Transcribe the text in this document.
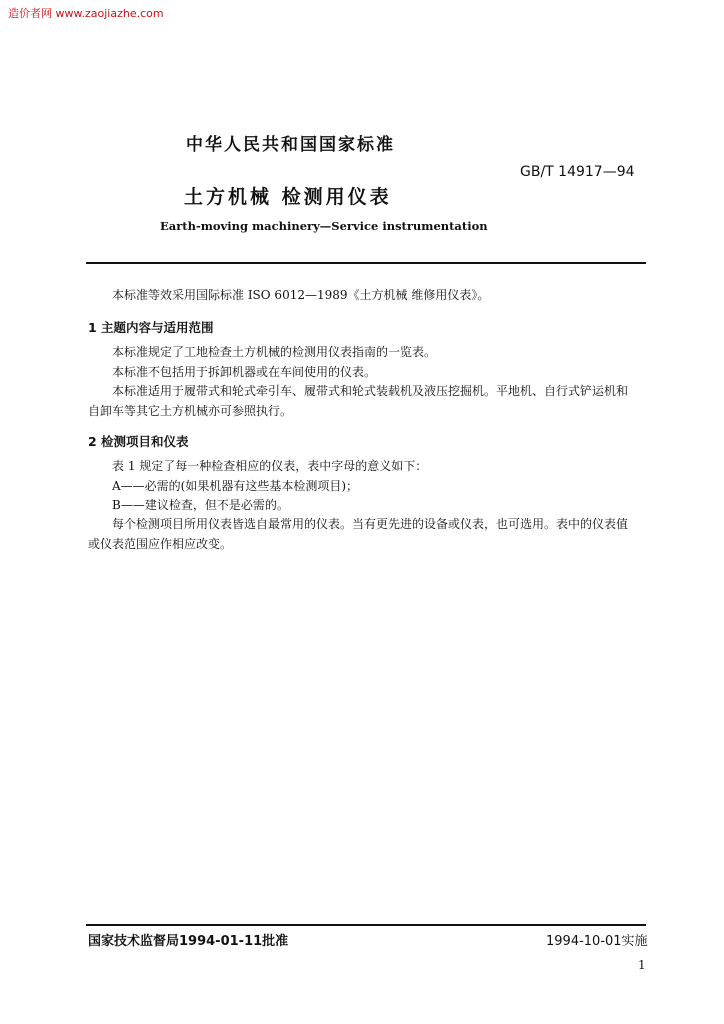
造价者网 www.zaojiazhe.com
中华人民共和国国家标准
GB/T 14917—94
土方机械 检测用仪表
Earth-moving machinery—Service instrumentation
本标准等效采用国际标准 ISO 6012—1989《土方机械 维修用仪表》。
1 主题内容与适用范围
本标准规定了工地检查土方机械的检测用仪表指南的一览表。
本标准不包括用于拆卸机器或在车间使用的仪表。
本标准适用于履带式和轮式牵引车、履带式和轮式装载机及液压挖掘机。平地机、自行式铲运机和
自卸车等其它土方机械亦可参照执行。
2 检测项目和仪表
表 1 规定了每一种检查相应的仪表，表中字母的意义如下：
A——必需的(如果机器有这些基本检测项目)；
B——建议检查，但不是必需的。
每个检测项目所用仪表皆选自最常用的仪表。当有更先进的设备或仪表，也可选用。表中的仪表值
或仪表范围应作相应改变。
国家技术监督局1994-01-11批准	1994-10-01实施
1
